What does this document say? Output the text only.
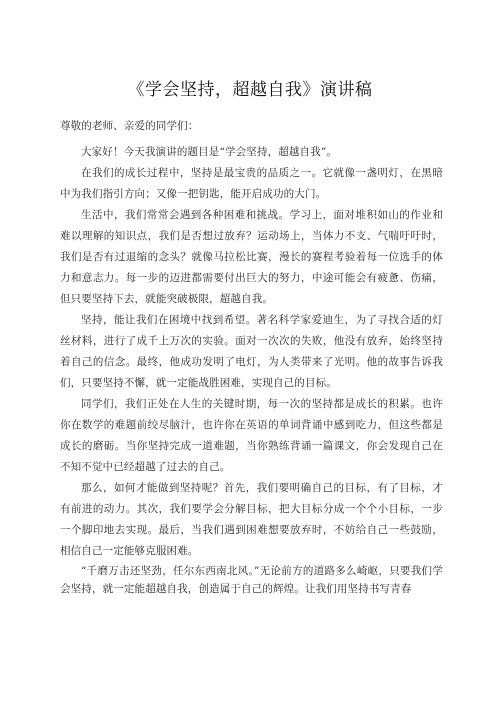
《学会坚持，超越自我》演讲稿

尊敬的老师、亲爱的同学们：

大家好！今天我演讲的题目是“学会坚持，超越自我”。

在我们的成长过程中，坚持是最宝贵的品质之一。它就像一盏明灯，在黑暗中为我们指引方向；又像一把钥匙，能开启成功的大门。

生活中，我们常常会遇到各种困难和挑战。学习上，面对堆积如山的作业和难以理解的知识点，我们是否想过放弃？运动场上，当体力不支、气喘吁吁时，我们是否有过退缩的念头？就像马拉松比赛，漫长的赛程考验着每一位选手的体力和意志力。每一步的迈进都需要付出巨大的努力，中途可能会有疲惫、伤痛，但只要坚持下去，就能突破极限，超越自我。

坚持，能让我们在困境中找到希望。著名科学家爱迪生，为了寻找合适的灯丝材料，进行了成千上万次的实验。面对一次次的失败，他没有放弃，始终坚持着自己的信念。最终，他成功发明了电灯，为人类带来了光明。他的故事告诉我们，只要坚持不懈，就一定能战胜困难，实现自己的目标。

同学们，我们正处在人生的关键时期，每一次的坚持都是成长的积累。也许你在数学的难题前绞尽脑汁，也许你在英语的单词背诵中感到吃力，但这些都是成长的磨砺。当你坚持完成一道难题，当你熟练背诵一篇课文，你会发现自己在不知不觉中已经超越了过去的自己。

那么，如何才能做到坚持呢？首先，我们要明确自己的目标，有了目标，才有前进的动力。其次，我们要学会分解目标，把大目标分成一个个小目标，一步一个脚印地去实现。最后，当我们遇到困难想要放弃时，不妨给自己一些鼓励，相信自己一定能够克服困难。

“千磨万击还坚劲，任尔东西南北风。”无论前方的道路多么崎岖，只要我们学会坚持，就一定能超越自我，创造属于自己的辉煌。让我们用坚持书写青春
